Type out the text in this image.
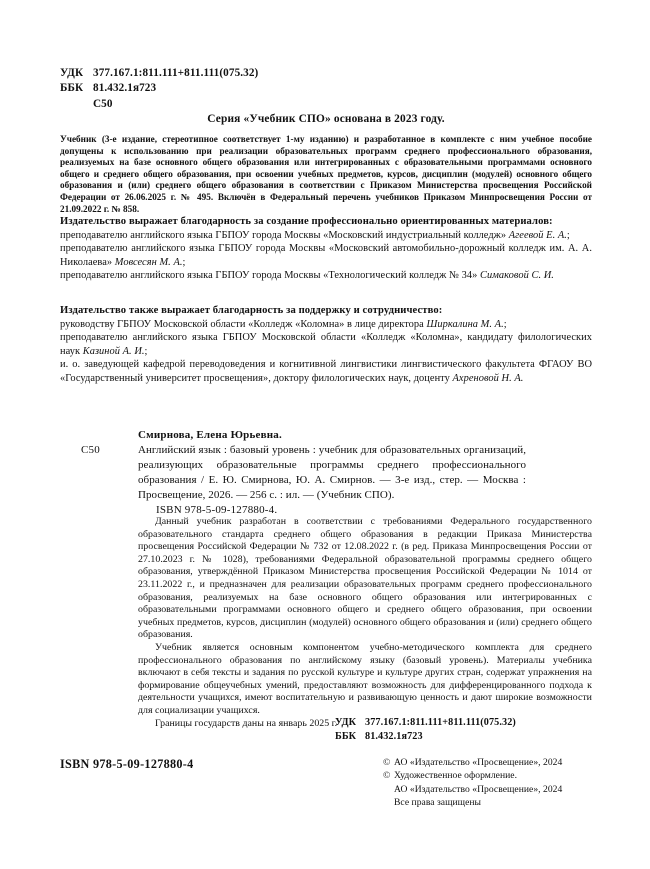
УДК 377.167.1:811.111+811.111(075.32)
ББК 81.432.1я723
С50
Серия «Учебник СПО» основана в 2023 году.
Учебник (3-е издание, стереотипное соответствует 1-му изданию) и разработанное в комплекте с ним учебное пособие допущены к использованию при реализации образовательных программ среднего профессионального образования, реализуемых на базе основного общего образования или интегрированных с образовательными программами основного общего и среднего общего образования, при освоении учебных предметов, курсов, дисциплин (модулей) основного общего образования и (или) среднего общего образования в соответствии с Приказом Министерства просвещения Российской Федерации от 26.06.2025 г. № 495. Включён в Федеральный перечень учебников Приказом Минпросвещения России от 21.09.2022 г. № 858.
Издательство выражает благодарность за создание профессионально ориентированных материалов:
преподавателю английского языка ГБПОУ города Москвы «Московский индустриальный колледж» Агеевой Е. А.;
преподавателю английского языка ГБПОУ города Москвы «Московский автомобильно-дорожный колледж им. А. А. Николаева» Мовсесян М. А.;
преподавателю английского языка ГБПОУ города Москвы «Технологический колледж № 34» Симаковой С. И.
Издательство также выражает благодарность за поддержку и сотрудничество:
руководству ГБПОУ Московской области «Колледж «Коломна» в лице директора Ширкалина М. А.;
преподавателю английского языка ГБПОУ Московской области «Колледж «Коломна», кандидату филологических наук Казиной А. И.;
и. о. заведующей кафедрой переводоведения и когнитивной лингвистики лингвистического факультета ФГАОУ ВО «Государственный университет просвещения», доктору филологических наук, доценту Ахреновой Н. А.
Смирнова, Елена Юрьевна.
С50	Английский язык : базовый уровень : учебник для образовательных организаций, реализующих образовательные программы среднего профессионального образования / Е. Ю. Смирнова, Ю. А. Смирнов. — 3-е изд., стер. — Москва : Просвещение, 2026. — 256 с. : ил. — (Учебник СПО).
ISBN 978-5-09-127880-4.

Данный учебник разработан в соответствии с требованиями Федерального государственного образовательного стандарта среднего общего образования в редакции Приказа Министерства просвещения Российской Федерации № 732 от 12.08.2022 г. (в ред. Приказа Минпросвещения России от 27.10.2023 г. № 1028), требованиями Федеральной образовательной программы среднего общего образования, утверждённой Приказом Министерства просвещения Российской Федерации № 1014 от 23.11.2022 г., и предназначен для реализации образовательных программ среднего профессионального образования, реализуемых на базе основного общего образования или интегрированных с образовательными программами основного общего и среднего общего образования, при освоении учебных предметов, курсов, дисциплин (модулей) основного общего образования и (или) среднего общего образования.

Учебник является основным компонентом учебно-методического комплекта для среднего профессионального образования по английскому языку (базовый уровень). Материалы учебника включают в себя тексты и задания по русской культуре и культуре других стран, содержат упражнения на формирование общеучебных умений, предоставляют возможность для дифференцированного подхода к деятельности учащихся, имеют воспитательную и развивающую ценность и дают широкие возможности для социализации учащихся.

Границы государств даны на январь 2025 г.

УДК 377.167.1:811.111+811.111(075.32)
ББК 81.432.1я723
ISBN 978-5-09-127880-4	© АО «Издательство «Просвещение», 2024
© Художественное оформление.
АО «Издательство «Просвещение», 2024
Все права защищены
